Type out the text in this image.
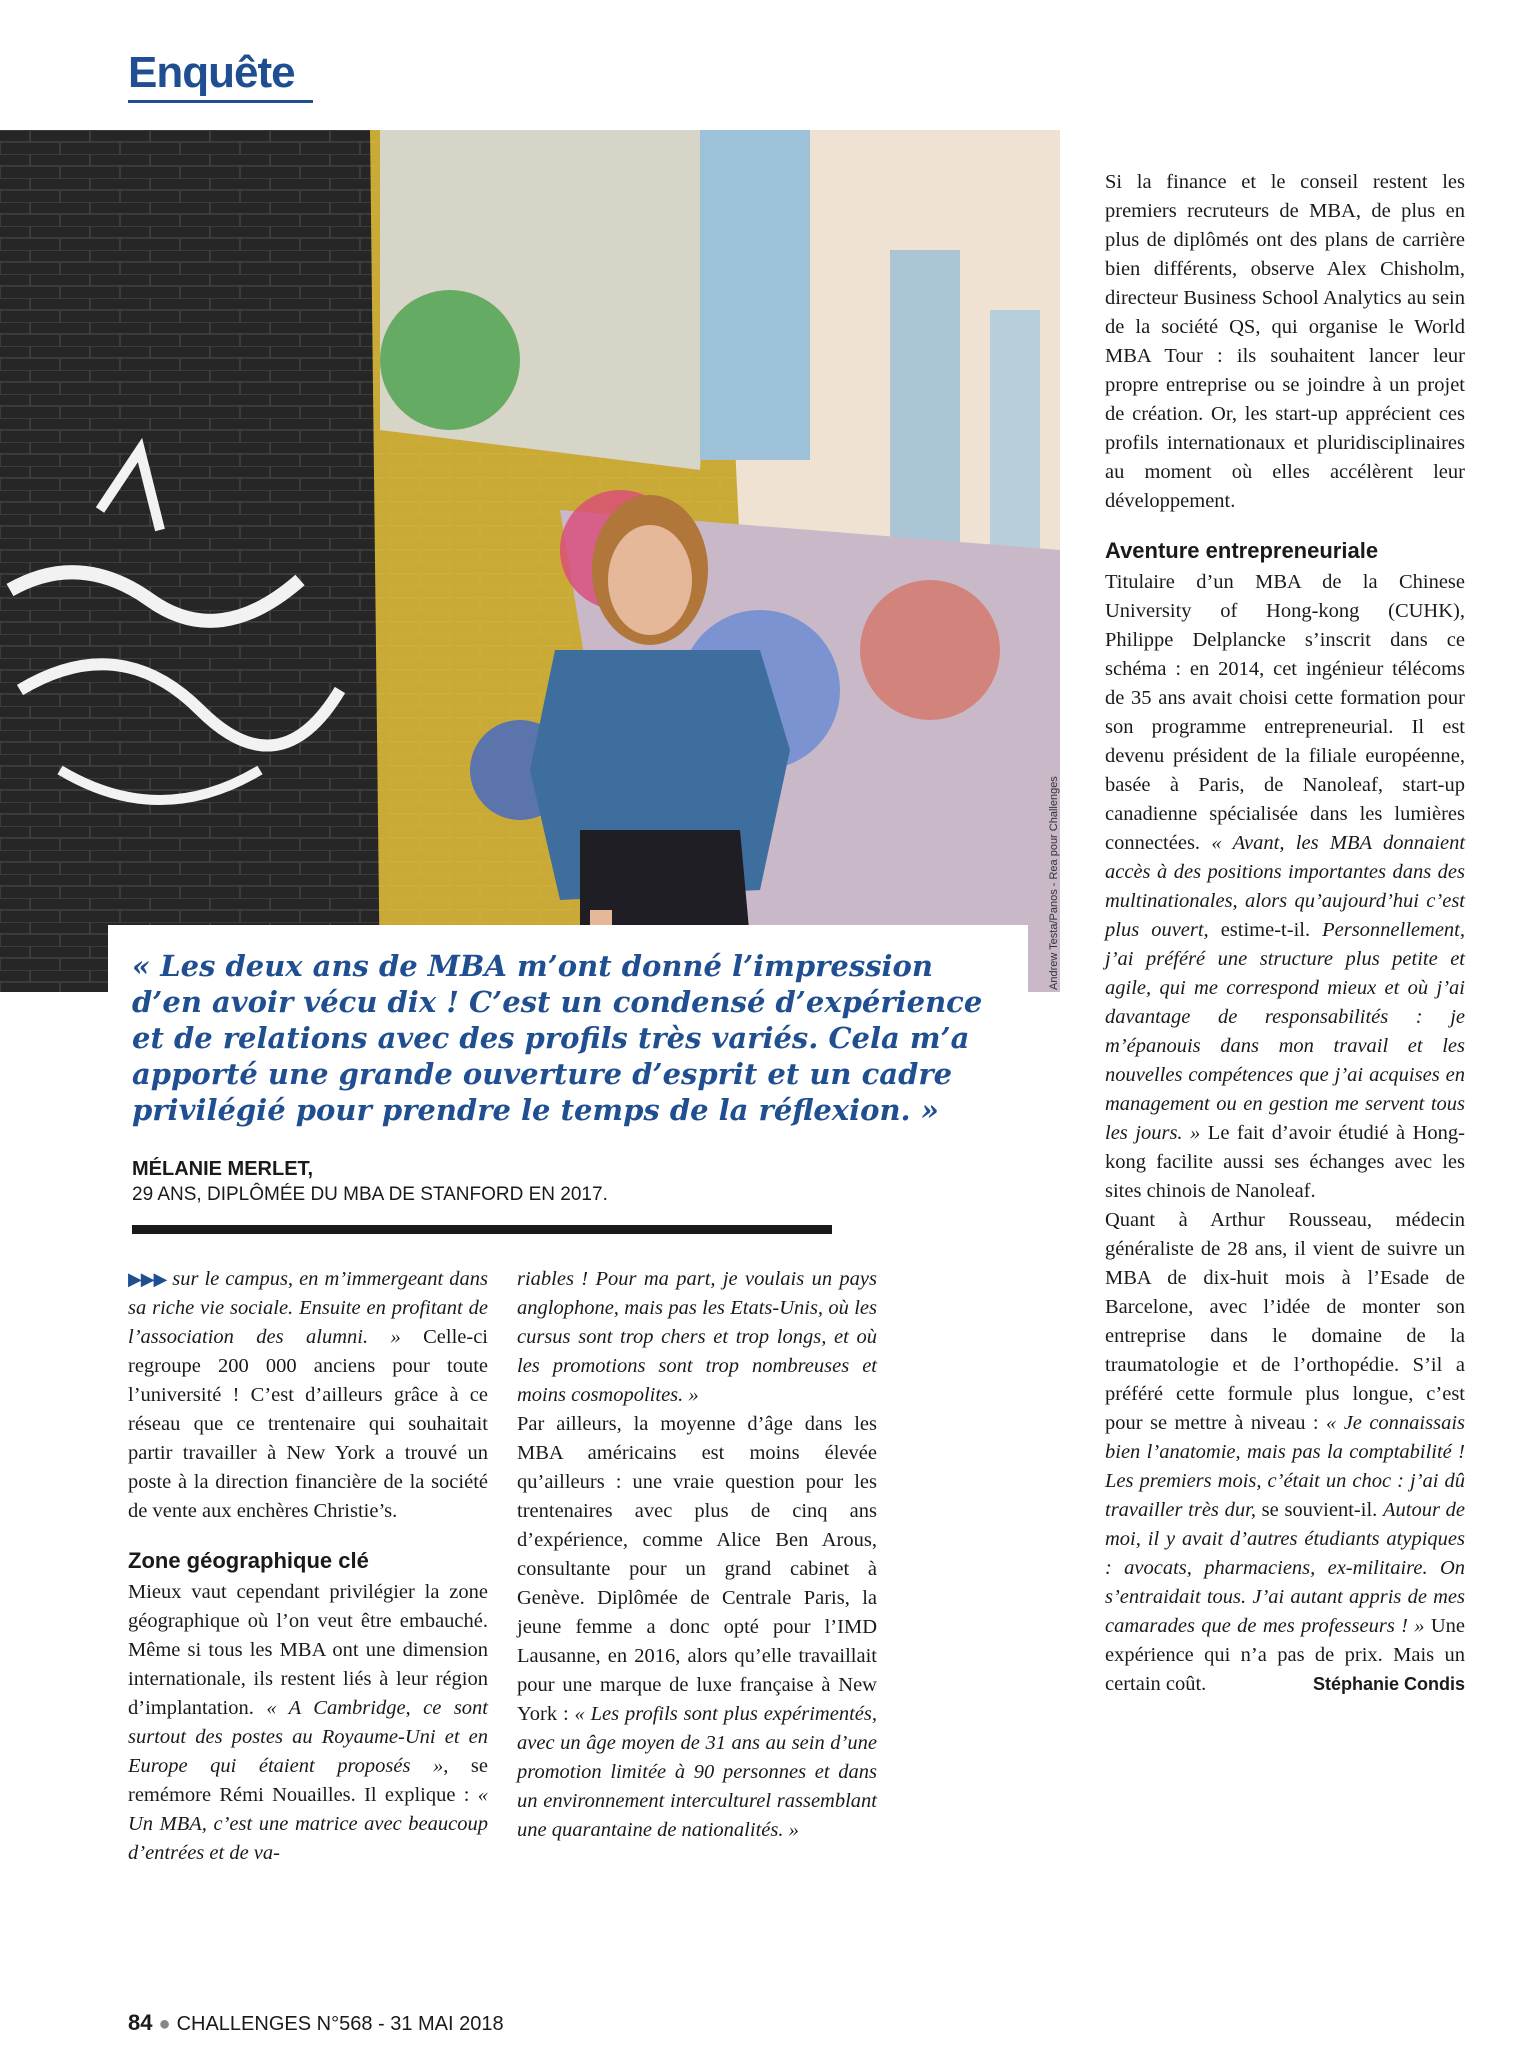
Enquête
Andrew Testa/Panos - Rea pour Challenges
« Les deux ans de MBA m’ont donné l’impression d’en avoir vécu dix ! C’est un condensé d’expérience et de relations avec des profils très variés. Cela m’a apporté une grande ouverture d’esprit et un cadre privilégié pour prendre le temps de la réflexion. »
MÉLANIE MERLET,
29 ANS, DIPLÔMÉE DU MBA DE STANFORD EN 2017.

▶▶▶ sur le campus, en m’immergeant dans sa riche vie sociale. Ensuite en profitant de l’association des alumni. » Celle-ci regroupe 200 000 anciens pour toute l’université ! C’est d’ailleurs grâce à ce réseau que ce trentenaire qui souhaitait partir travailler à New York a trouvé un poste à la direction financière de la société de vente aux enchères Christie’s.

Zone géographique clé

Mieux vaut cependant privilégier la zone géographique où l’on veut être embauché. Même si tous les MBA ont une dimension internationale, ils restent liés à leur région d’implantation. « A Cambridge, ce sont surtout des postes au Royaume-Uni et en Europe qui étaient proposés », se remémore Rémi Nouailles. Il explique : « Un MBA, c’est une matrice avec beaucoup d’entrées et de va-

riables ! Pour ma part, je voulais un pays anglophone, mais pas les Etats-Unis, où les cursus sont trop chers et trop longs, et où les promotions sont trop nombreuses et moins cosmopolites. »

Par ailleurs, la moyenne d’âge dans les MBA américains est moins élevée qu’ailleurs : une vraie question pour les trentenaires avec plus de cinq ans d’expérience, comme Alice Ben Arous, consultante pour un grand cabinet à Genève. Diplômée de Centrale Paris, la jeune femme a donc opté pour l’IMD Lausanne, en 2016, alors qu’elle travaillait pour une marque de luxe française à New York : « Les profils sont plus expérimentés, avec un âge moyen de 31 ans au sein d’une promotion limitée à 90 personnes et dans un environnement interculturel rassemblant une quarantaine de nationalités. »

Si la finance et le conseil restent les premiers recruteurs de MBA, de plus en plus de diplômés ont des plans de carrière bien différents, observe Alex Chisholm, directeur Business School Analytics au sein de la société QS, qui organise le World MBA Tour : ils souhaitent lancer leur propre entreprise ou se joindre à un projet de création. Or, les start-up apprécient ces profils internationaux et pluridisciplinaires au moment où elles accélèrent leur développement.

Aventure entrepreneuriale

Titulaire d’un MBA de la Chinese University of Hong-kong (CUHK), Philippe Delplancke s’inscrit dans ce schéma : en 2014, cet ingénieur télécoms de 35 ans avait choisi cette formation pour son programme entrepreneurial. Il est devenu président de la filiale européenne, basée à Paris, de Nanoleaf, start-up canadienne spécialisée dans les lumières connectées. « Avant, les MBA donnaient accès à des positions importantes dans des multinationales, alors qu’aujourd’hui c’est plus ouvert, estime-t-il. Personnellement, j’ai préféré une structure plus petite et agile, qui me correspond mieux et où j’ai davantage de responsabilités : je m’épanouis dans mon travail et les nouvelles compétences que j’ai acquises en management ou en gestion me servent tous les jours. » Le fait d’avoir étudié à Hong-kong facilite aussi ses échanges avec les sites chinois de Nanoleaf.

Quant à Arthur Rousseau, médecin généraliste de 28 ans, il vient de suivre un MBA de dix-huit mois à l’Esade de Barcelone, avec l’idée de monter son entreprise dans le domaine de la traumatologie et de l’orthopédie. S’il a préféré cette formule plus longue, c’est pour se mettre à niveau : « Je connaissais bien l’anatomie, mais pas la comptabilité ! Les premiers mois, c’était un choc : j’ai dû travailler très dur, se souvient-il. Autour de moi, il y avait d’autres étudiants atypiques : avocats, pharmaciens, ex-militaire. On s’entraidait tous. J’ai autant appris de mes camarades que de mes professeurs ! » Une expérience qui n’a pas de prix. Mais un certain coût.	Stéphanie Condis

84 ● CHALLENGES N°568 - 31 MAI 2018
